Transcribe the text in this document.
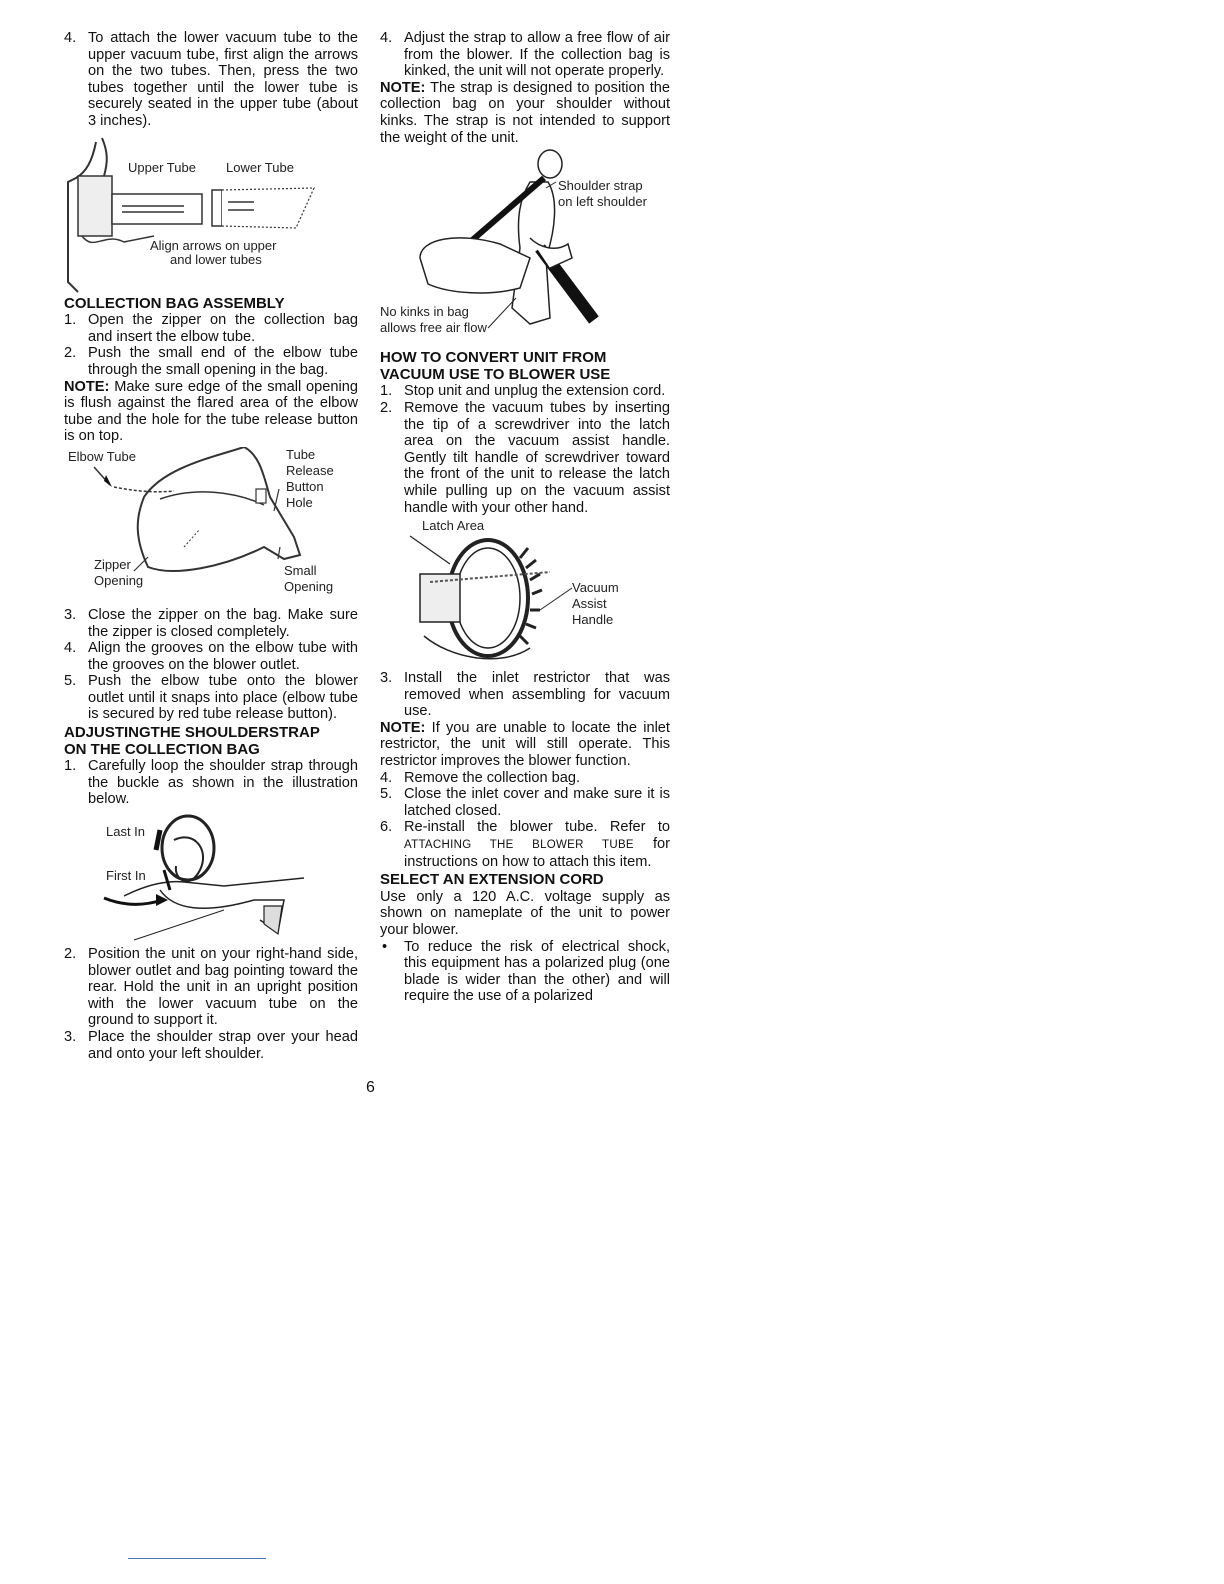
4. To attach the lower vacuum tube to the upper vacuum tube, first align the arrows on the two tubes. Then, press the two tubes together until the lower tube is securely seated in the upper tube (about 3 inches).
Upper Tube Lower Tube
Align arrows on upper
and lower tubes

COLLECTION BAG ASSEMBLY

1. Open the zipper on the collection bag and insert the elbow tube.
2. Push the small end of the elbow tube through the small opening in the bag.

NOTE: Make sure edge of the small opening is flush against the flared area of the elbow tube and the hole for the tube release button is on top.

Elbow Tube	Tube
Release
Button
Hole
Zipper
Opening
Small
Opening
3. Close the zipper on the bag. Make sure the zipper is closed completely.
4. Align the grooves on the elbow tube with the grooves on the blower outlet.
5. Push the elbow tube onto the blower outlet until it snaps into place (elbow tube is secured by red tube release button).

ADJUSTINGTHE SHOULDERSTRAP

ON THE COLLECTION BAG

1. Carefully loop the shoulder strap through the buckle as shown in the illustration below.
Last In
First In
2. Position the unit on your right-hand side, blower outlet and bag pointing toward the rear. Hold the unit in an upright position with the lower vacuum tube on the ground to support it.
3. Place the shoulder strap over your head and onto your left shoulder.
4. Adjust the strap to allow a free flow of air from the blower. If the collection bag is kinked, the unit will not operate properly.

NOTE: The strap is designed to position the collection bag on your shoulder without kinks. The strap is not intended to support the weight of the unit.

Shoulder strap
on left shoulder
No kinks in bag
allows free air flow

HOW TO CONVERT UNIT FROM

VACUUM USE TO BLOWER USE

1. Stop unit and unplug the extension cord.
2. Remove the vacuum tubes by inserting the tip of a screwdriver into the latch area on the vacuum assist handle. Gently tilt handle of screwdriver toward the front of the unit to release the latch while pulling up on the vacuum assist handle with your other hand.
Latch Area
Vacuum
Assist
Handle
3. Install the inlet restrictor that was removed when assembling for vacuum use.

NOTE: If you are unable to locate the inlet restrictor, the unit will still operate. This restrictor improves the blower function.

4. Remove the collection bag.
5. Close the inlet cover and make sure it is latched closed.
6. Re-install the blower tube. Refer to ATTACHING THE BLOWER TUBE for instructions on how to attach this item.

SELECT AN EXTENSION CORD

Use only a 120 A.C. voltage supply as shown on nameplate of the unit to power your blower.

•	To reduce the risk of electrical shock, this equipment has a polarized plug (one blade is wider than the other) and will require the use of a polarized
6
